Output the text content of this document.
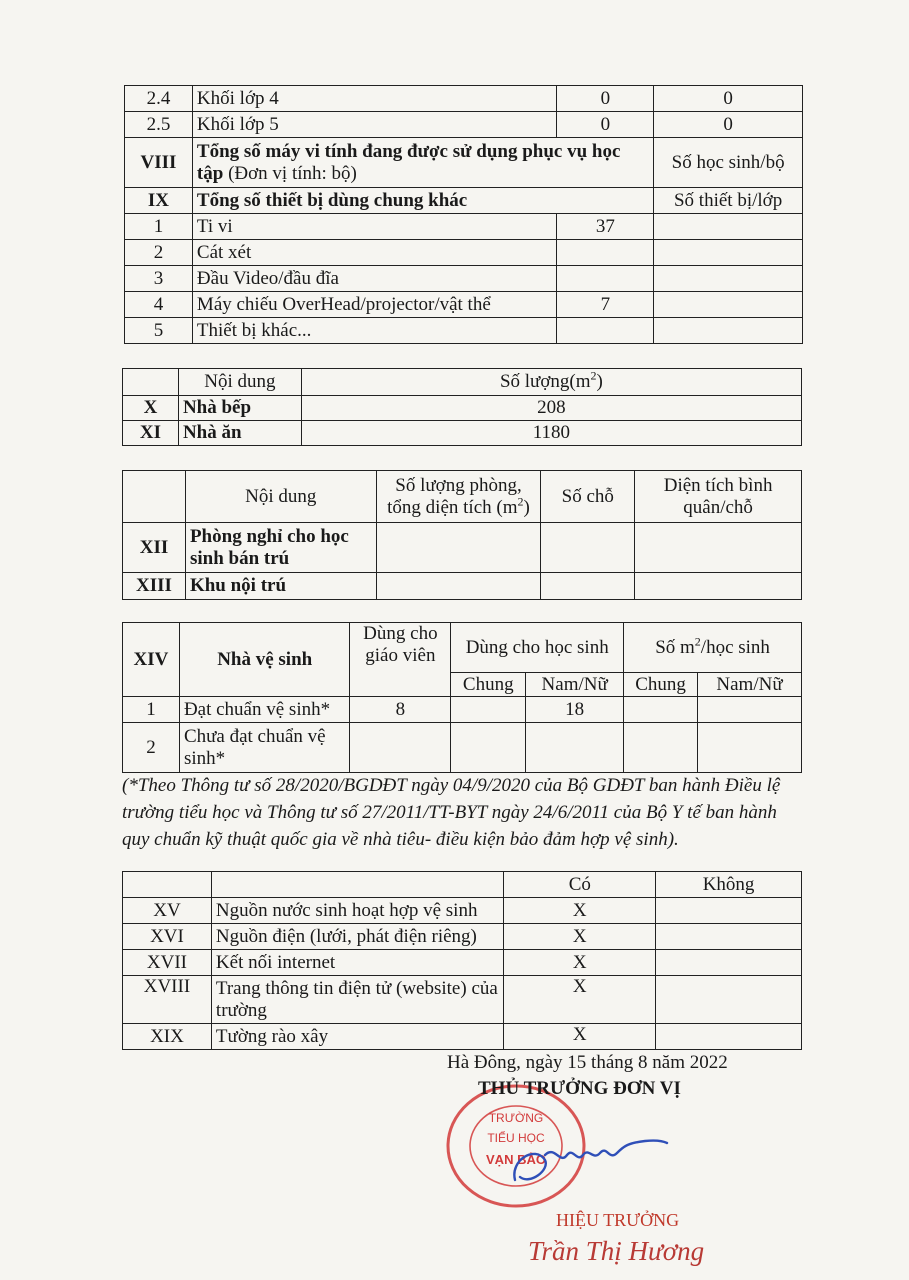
2.4	Khối lớp 4	0	0
2.5	Khối lớp 5	0	0
VIII	Tổng số máy vi tính đang được sử dụng phục vụ học tập (Đơn vị tính: bộ)		Số học sinh/bộ
IX	Tổng số thiết bị dùng chung khác		Số thiết bị/lớp
1	Ti vi	37	
2	Cát xét		
3	Đầu Video/đầu đĩa		
4	Máy chiếu OverHead/projector/vật thể	7	
5	Thiết bị khác...		
	Nội dung	Số $lượng(m^2)$
X	Nhà bếp	208
XI	Nhà ăn	1180
	Nội dung	Số lượng phòng, tổng diện tích $(m^2)$	Số chỗ	Diện tích bình quân/chỗ
XII	Phòng nghỉ cho học sinh bán trú			
XIII	Khu nội trú			
XIV	Nhà vệ sinh	Dùng cho giáo viên	Dùng cho học sinh		Số $m^2$/học sinh	
			Chung	Nam/Nữ	Chung	Nam/Nữ
1	Đạt chuẩn vệ sinh*	8		18		
2	Chưa đạt chuẩn vệ sinh*					
(*Theo Thông tư số 28/2020/BGDĐT ngày 04/9/2020 của Bộ GDĐT ban hành Điều lệ trường tiểu học và Thông tư số 27/2011/TT-BYT ngày 24/6/2011 của Bộ Y tế ban hành quy chuẩn kỹ thuật quốc gia về nhà tiêu- điều kiện bảo đảm hợp vệ sinh).
		Có	Không
XV	Nguồn nước sinh hoạt hợp vệ sinh	X	
XVI	Nguồn điện (lưới, phát điện riêng)	X	
XVII	Kết nối internet	X	
XVIII	Trang thông tin điện tử (website) của trường	X	
XIX	Tường rào xây	X	
Hà Đông, ngày 15 tháng 8 năm 2022
TRƯỜNG
TIỂU HỌC
VẠN BẢO
THỦ TRƯỞNG ĐƠN VỊ
HIỆU TRƯỞNG
Trần Thị Hương
